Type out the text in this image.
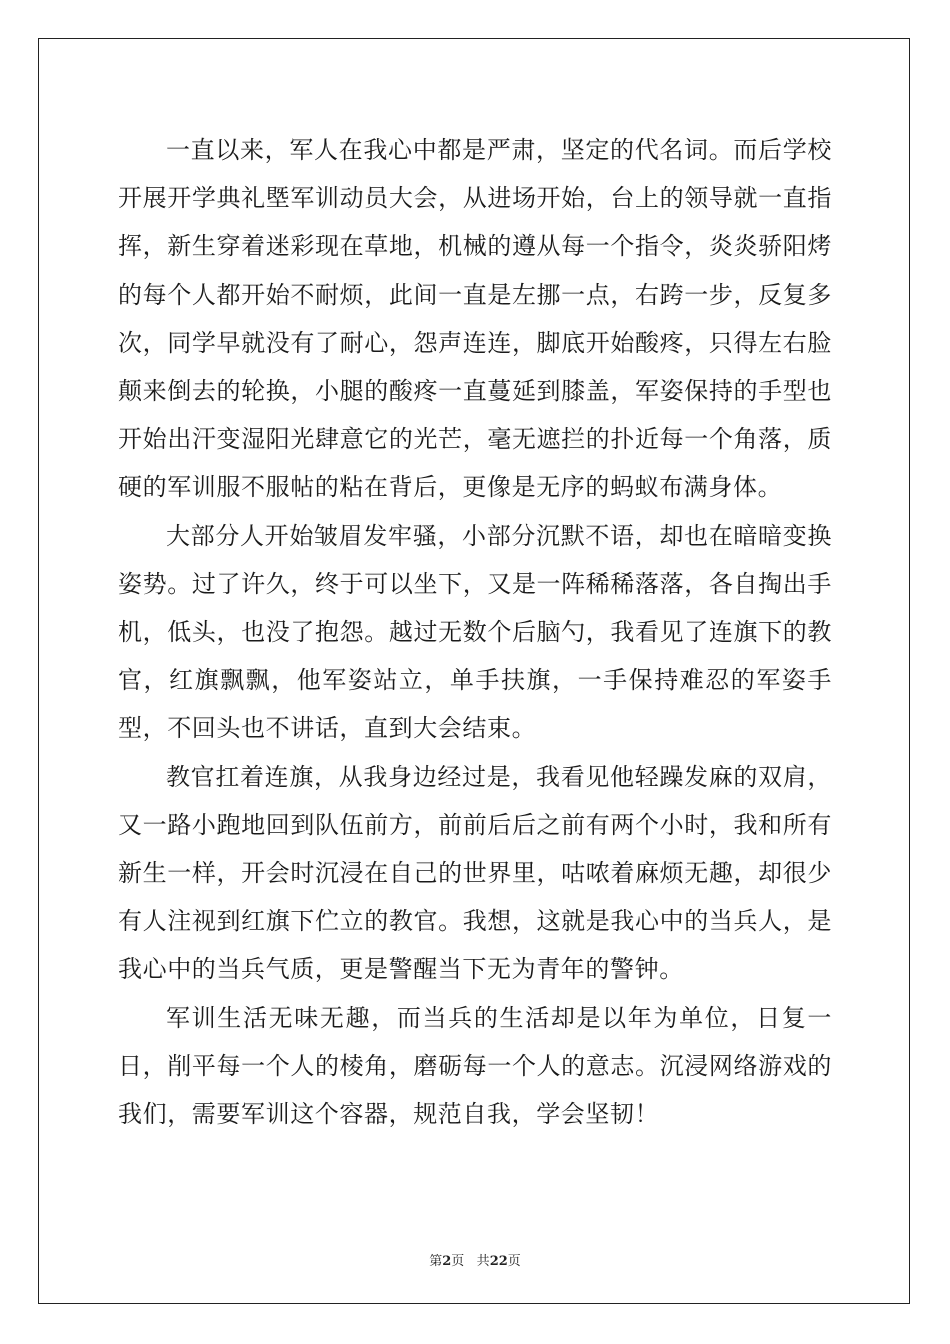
一直以来，军人在我心中都是严肃，坚定的代名词。而后学校开展开学典礼塈军训动员大会，从进场开始，台上的领导就一直指挥，新生穿着迷彩现在草地，机械的遵从每一个指令，炎炎骄阳烤的每个人都开始不耐烦，此间一直是左挪一点，右跨一步，反复多次，同学早就没有了耐心，怨声连连，脚底开始酸疼，只得左右脸颠来倒去的轮换，小腿的酸疼一直蔓延到膝盖，军姿保持的手型也开始出汗变湿阳光肆意它的光芒，毫无遮拦的扑近每一个角落，质硬的军训服不服帖的粘在背后，更像是无序的蚂蚁布满身体。

大部分人开始皱眉发牢骚，小部分沉默不语，却也在暗暗变换姿势。过了许久，终于可以坐下，又是一阵稀稀落落，各自掏出手机，低头，也没了抱怨。越过无数个后脑勺，我看见了连旗下的教官，红旗飘飘，他军姿站立，单手扶旗，一手保持难忍的军姿手型，不回头也不讲话，直到大会结束。

教官扛着连旗，从我身边经过是，我看见他轻躁发麻的双肩，又一路小跑地回到队伍前方，前前后后之前有两个小时，我和所有新生一样，开会时沉浸在自己的世界里，咕哝着麻烦无趣，却很少有人注视到红旗下伫立的教官。我想，这就是我心中的当兵人，是我心中的当兵气质，更是警醒当下无为青年的警钟。

军训生活无味无趣，而当兵的生活却是以年为单位，日复一日，削平每一个人的棱角，磨砺每一个人的意志。沉浸网络游戏的我们，需要军训这个容器，规范自我，学会坚韧！

第2页 共22页
